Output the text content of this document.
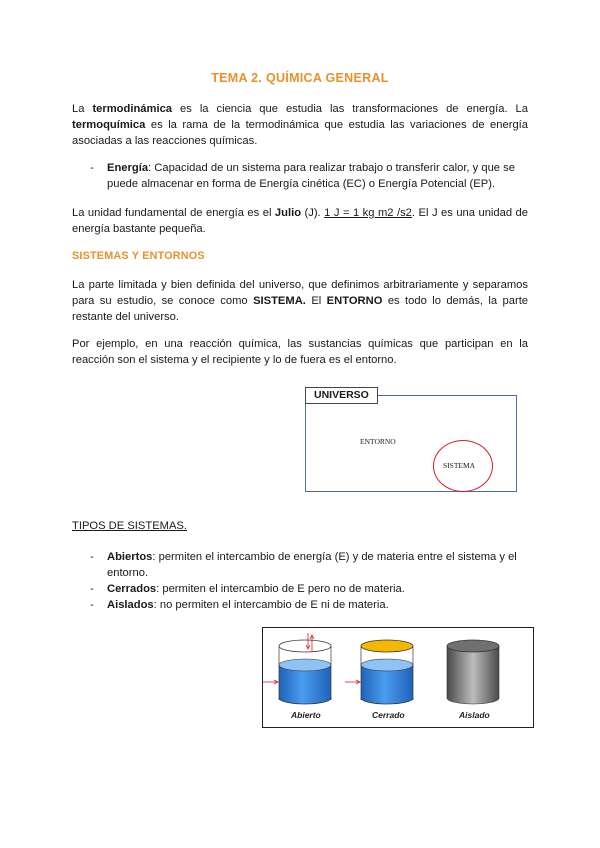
TEMA 2. QUÍMICA GENERAL

La termodinámica es la ciencia que estudia las transformaciones de energía. La termoquímica es la rama de la termodinámica que estudia las variaciones de energía asociadas a las reacciones químicas.

- Energía: Capacidad de un sistema para realizar trabajo o transferir calor, y que se puede almacenar en forma de Energía cinética (EC) o Energía Potencial (EP).

La unidad fundamental de energía es el Julio (J). 1 J = 1 kg m2 /s2. El J es una unidad de energía bastante pequeña.

SISTEMAS Y ENTORNOS

La parte limitada y bien definida del universo, que definimos arbitrariamente y separamos para su estudio, se conoce como SISTEMA. El ENTORNO es todo lo demás, la parte restante del universo.

Por ejemplo, en una reacción química, las sustancias químicas que participan en la reacción son el sistema y el recipiente y lo de fuera es el entorno.

UNIVERSO
ENTORNO
SISTEMA
TIPOS DE SISTEMAS.
- Abiertos: permiten el intercambio de energía (E) y de materia entre el sistema y el entorno.
- Cerrados: permiten el intercambio de E pero no de materia.
- Aislados: no permiten el intercambio de E ni de materia.
Abierto	Cerrado	Aislado
